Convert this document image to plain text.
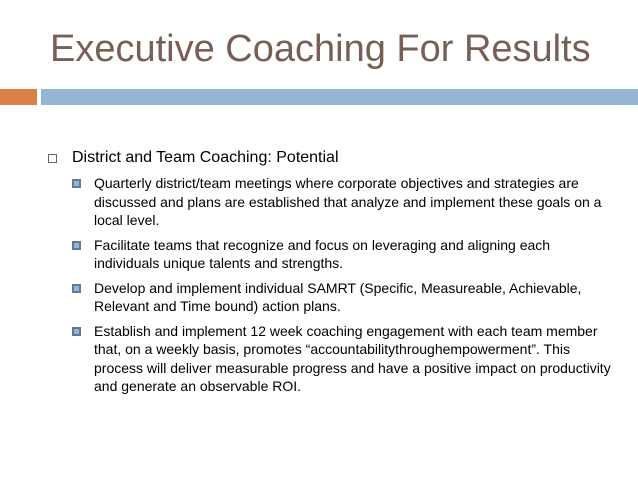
Executive Coaching For Results
District and Team Coaching: Potential
Quarterly district/team meetings where corporate objectives and strategies are discussed and plans are established that analyze and implement these goals on a local level.
Facilitate teams that recognize and focus on leveraging and aligning each individuals unique talents and strengths.
Develop and implement individual SAMRT (Specific, Measureable, Achievable, Relevant and Time bound) action plans.
Establish and implement 12 week coaching engagement with each team member that, on a weekly basis, promotes “accountabilitythroughempowerment”. This process will deliver measurable progress and have a positive impact on productivity and generate an observable ROI.
